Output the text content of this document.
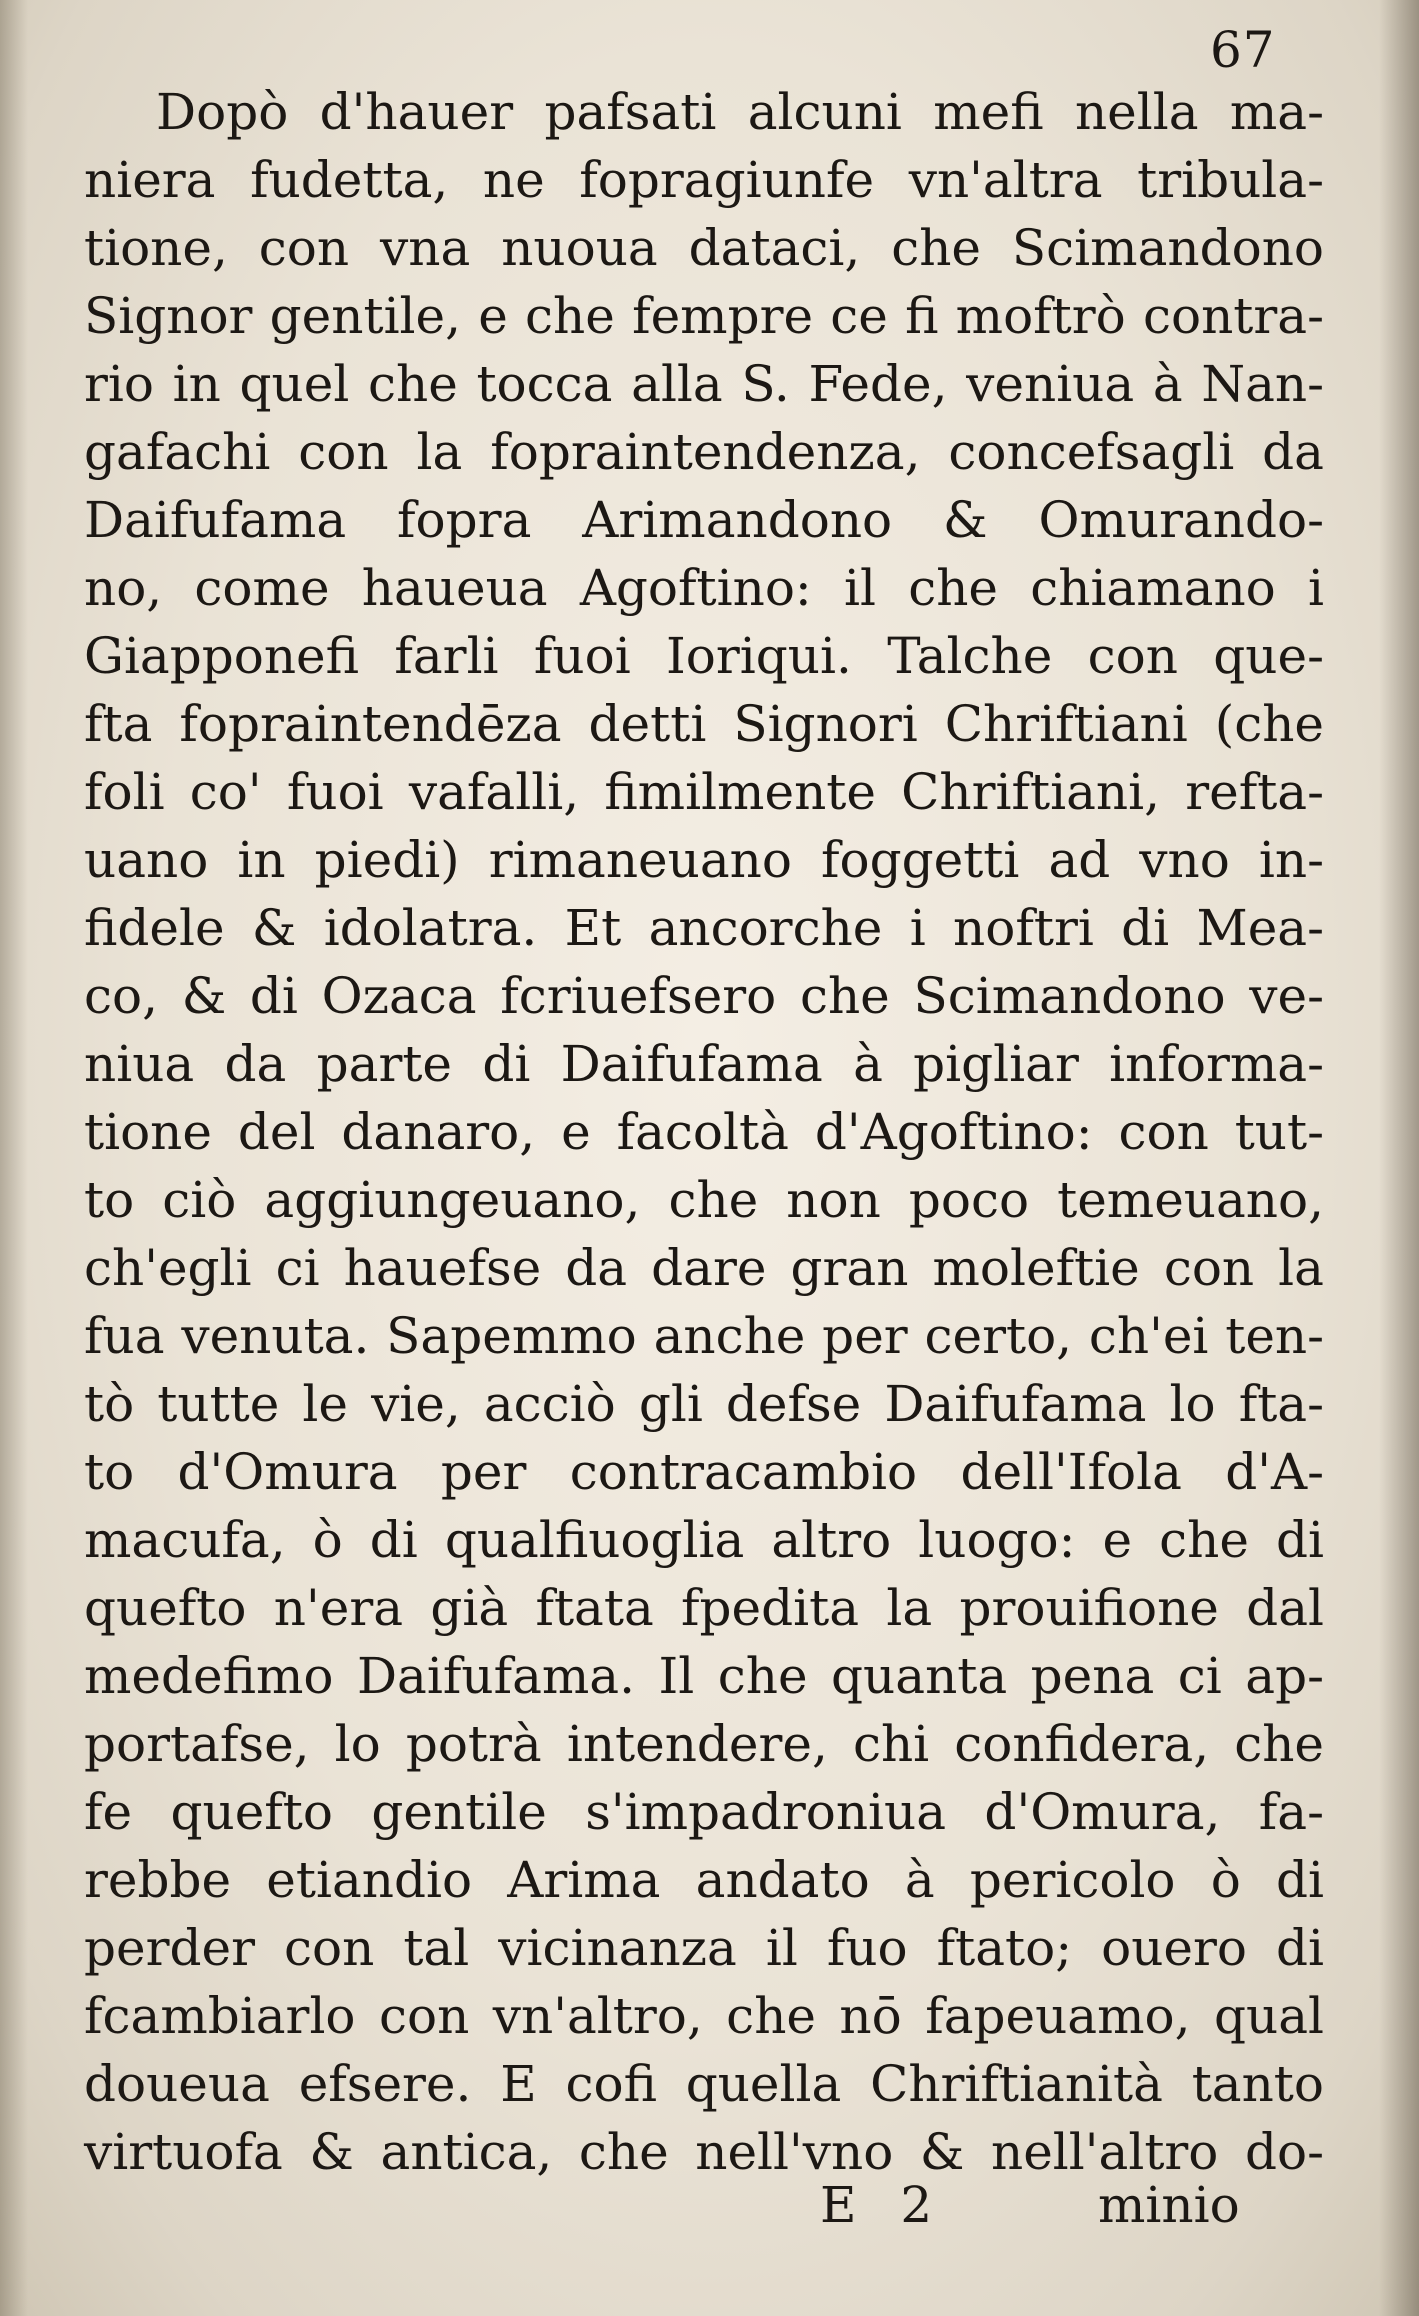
67
Dopò d'hauer pafsati alcuni mefi nella ma-
niera fudetta, ne fopragiunfe vn'altra tribula-
tione, con vna nuoua dataci, che Scimandono
Signor gentile, e che fempre ce fi moftrò contra-
rio in quel che tocca alla S. Fede, veniua à Nan-
gafachi con la fopraintendenza, concefsagli da
Daifufama fopra Arimandono & Omurando-
no, come haueua Agoftino: il che chiamano i
Giapponefi farli fuoi Ioriqui. Talche con que-
fta fopraintendēza detti Signori Chriftiani (che
foli co' fuoi vafalli, fimilmente Chriftiani, refta-
uano in piedi) rimaneuano foggetti ad vno in-
fidele & idolatra. Et ancorche i noftri di Mea-
co, & di Ozaca fcriuefsero che Scimandono ve-
niua da parte di Daifufama à pigliar informa-
tione del danaro, e facoltà d'Agoftino: con tut-
to ciò aggiungeuano, che non poco temeuano,
ch'egli ci hauefse da dare gran moleftie con la
fua venuta. Sapemmo anche per certo, ch'ei ten-
tò tutte le vie, acciò gli defse Daifufama lo fta-
to d'Omura per contracambio dell'Ifola d'A-
macufa, ò di qualfiuoglia altro luogo: e che di
quefto n'era già ftata fpedita la prouifione dal
medefimo Daifufama. Il che quanta pena ci ap-
portafse, lo potrà intendere, chi confidera, che
fe quefto gentile s'impadroniua d'Omura, fa-
rebbe etiandio Arima andato à pericolo ò di
perder con tal vicinanza il fuo ftato; ouero di
fcambiarlo con vn'altro, che nō fapeuamo, qual
doueua efsere. E cofi quella Chriftianità tanto
virtuofa & antica, che nell'vno & nell'altro do-
E 2	minio
